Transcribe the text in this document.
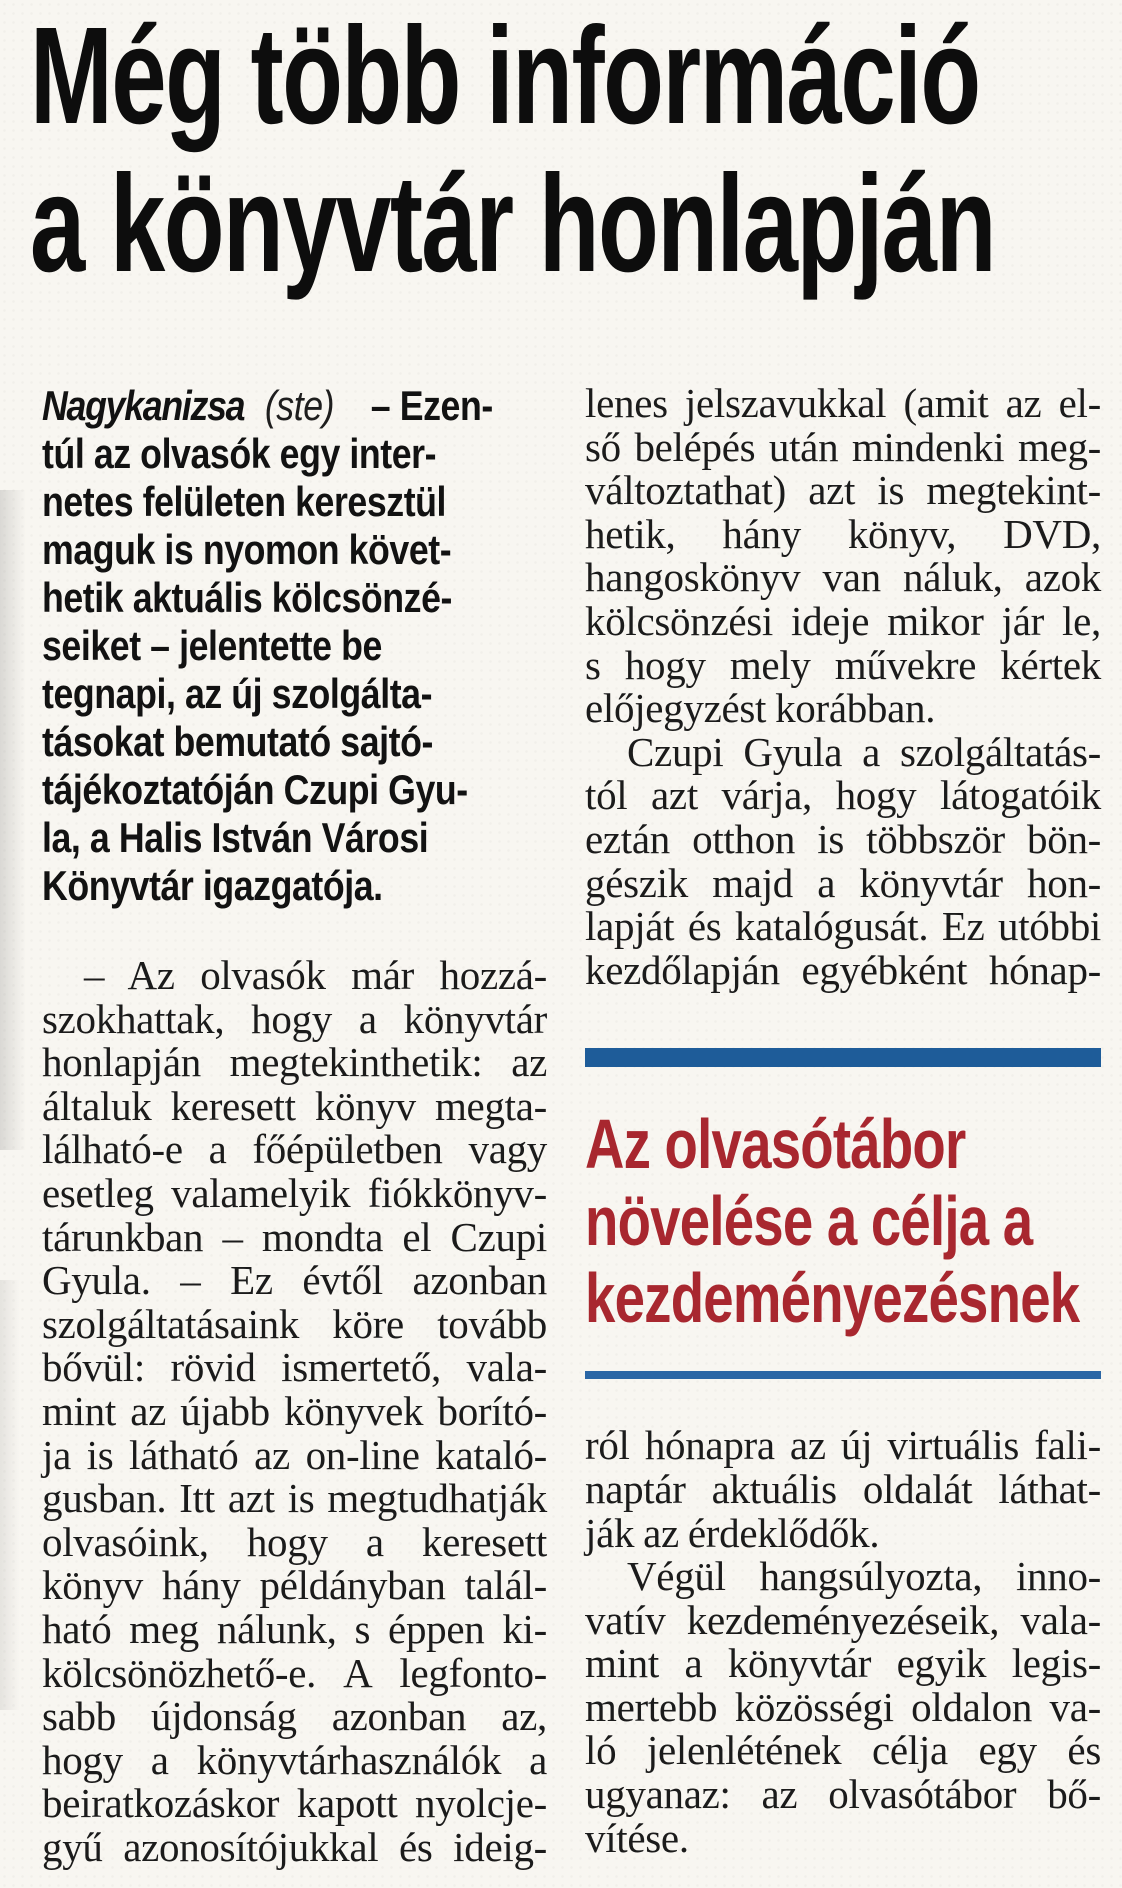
Még több információ
a könyvtár honlapján
Nagykanizsa (ste) – Ezen-
túl az olvasók egy inter-
netes felületen keresztül
maguk is nyomon követ-
hetik aktuális kölcsönzé-
seiket – jelentette be
tegnapi, az új szolgálta-
tásokat bemutató sajtó-
tájékoztatóján Czupi Gyu-
la, a Halis István Városi
Könyvtár igazgatója.
– Az olvasók már hozzá-
szokhattak, hogy a könyvtár
honlapján megtekinthetik: az
általuk keresett könyv megta-
lálható-e a főépületben vagy
esetleg valamelyik fiókkönyv-
tárunkban – mondta el Czupi
Gyula. – Ez évtől azonban
szolgáltatásaink köre tovább
bővül: rövid ismertető, vala-
mint az újabb könyvek borító-
ja is látható az on-line kataló-
gusban. Itt azt is megtudhatják
olvasóink, hogy a keresett
könyv hány példányban talál-
ható meg nálunk, s éppen ki-
kölcsönözhető-e. A legfonto-
sabb újdonság azonban az,
hogy a könyvtárhasználók a
beiratkozáskor kapott nyolcje-
gyű azonosítójukkal és ideig-
lenes jelszavukkal (amit az el-
ső belépés után mindenki meg-
változtathat) azt is megtekint-
hetik, hány könyv, DVD,
hangoskönyv van náluk, azok
kölcsönzési ideje mikor jár le,
s hogy mely művekre kértek
előjegyzést korábban.
Czupi Gyula a szolgáltatás-
tól azt várja, hogy látogatóik
eztán otthon is többször bön-
gészik majd a könyvtár hon-
lapját és katalógusát. Ez utóbbi
kezdőlapján egyébként hónap-
Az olvasótábor
növelése a célja a
kezdeményezésnek
ról hónapra az új virtuális fali-
naptár aktuális oldalát láthat-
ják az érdeklődők.
Végül hangsúlyozta, inno-
vatív kezdeményezéseik, vala-
mint a könyvtár egyik legis-
mertebb közösségi oldalon va-
ló jelenlétének célja egy és
ugyanaz: az olvasótábor bő-
vítése.
